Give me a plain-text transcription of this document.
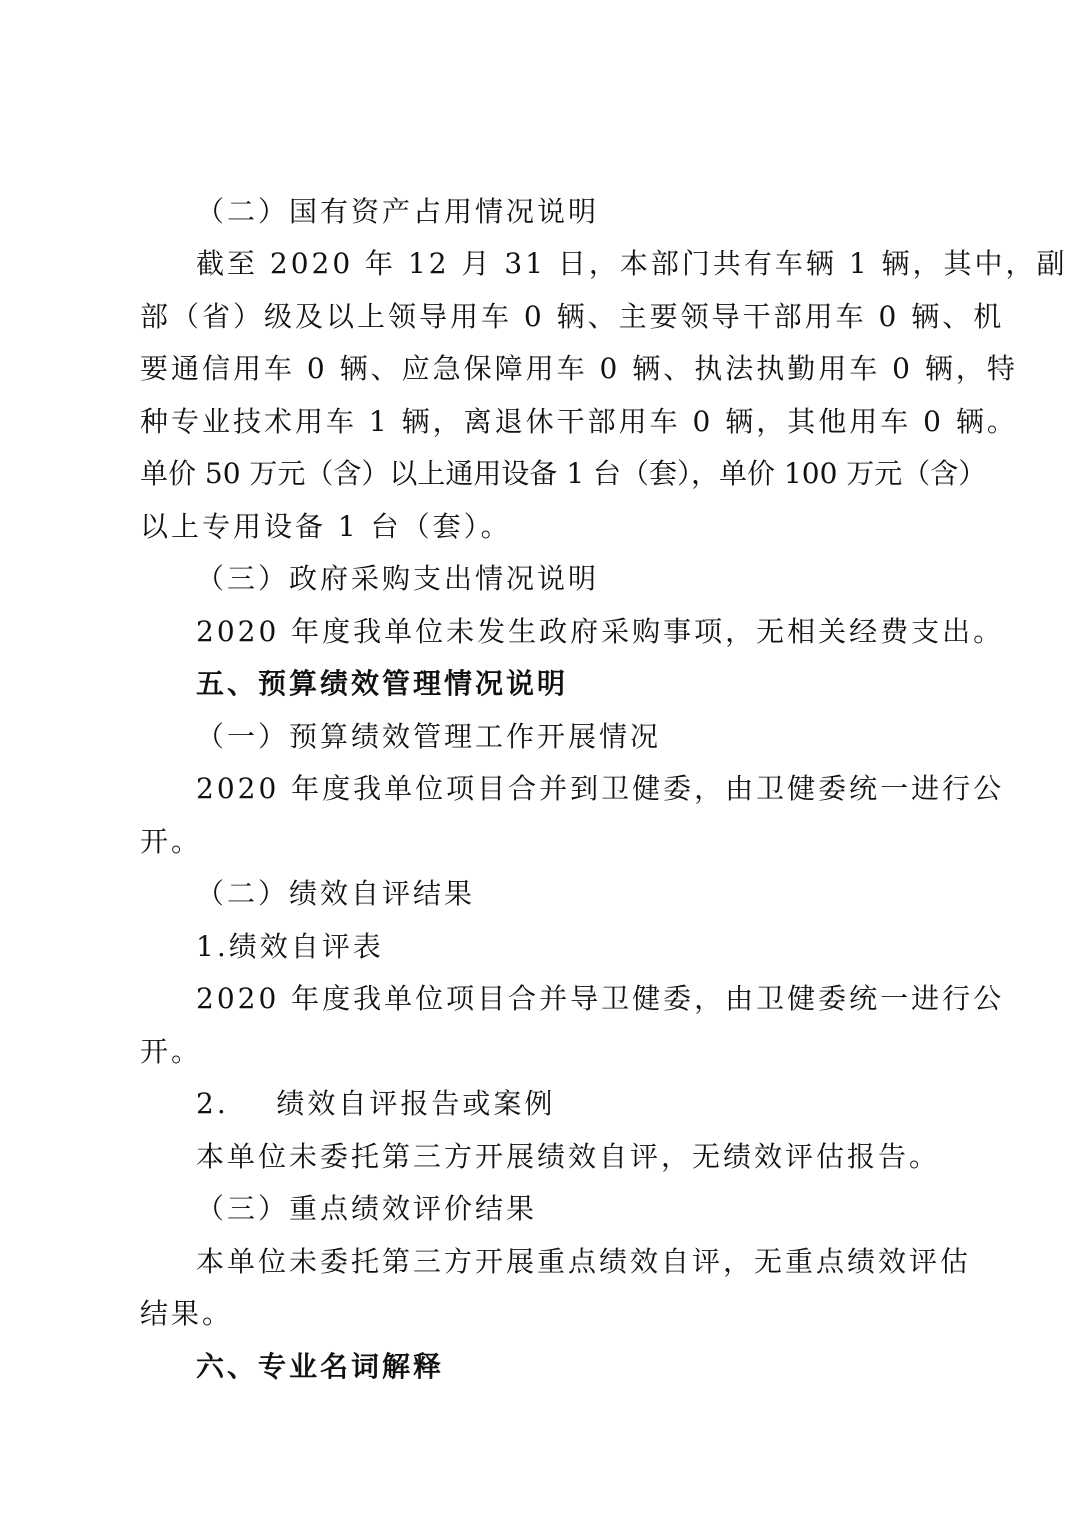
（二）国有资产占用情况说明
截至 2020 年 12 月 31 日，本部门共有车辆 1 辆，其中，副
部（省）级及以上领导用车 0 辆、主要领导干部用车 0 辆、机
要通信用车 0 辆、应急保障用车 0 辆、执法执勤用车 0 辆，特
种专业技术用车 1 辆，离退休干部用车 0 辆，其他用车 0 辆。
单价 50 万元（含）以上通用设备 1 台（套），单价 100 万元（含）
以上专用设备 1 台（套）。
（三）政府采购支出情况说明
2020 年度我单位未发生政府采购事项，无相关经费支出。
五、预算绩效管理情况说明
（一）预算绩效管理工作开展情况
2020 年度我单位项目合并到卫健委，由卫健委统一进行公
开。
（二）绩效自评结果
1.绩效自评表
2020 年度我单位项目合并导卫健委，由卫健委统一进行公
开。
2.    绩效自评报告或案例
本单位未委托第三方开展绩效自评，无绩效评估报告。
（三）重点绩效评价结果
本单位未委托第三方开展重点绩效自评，无重点绩效评估
结果。
六、专业名词解释
